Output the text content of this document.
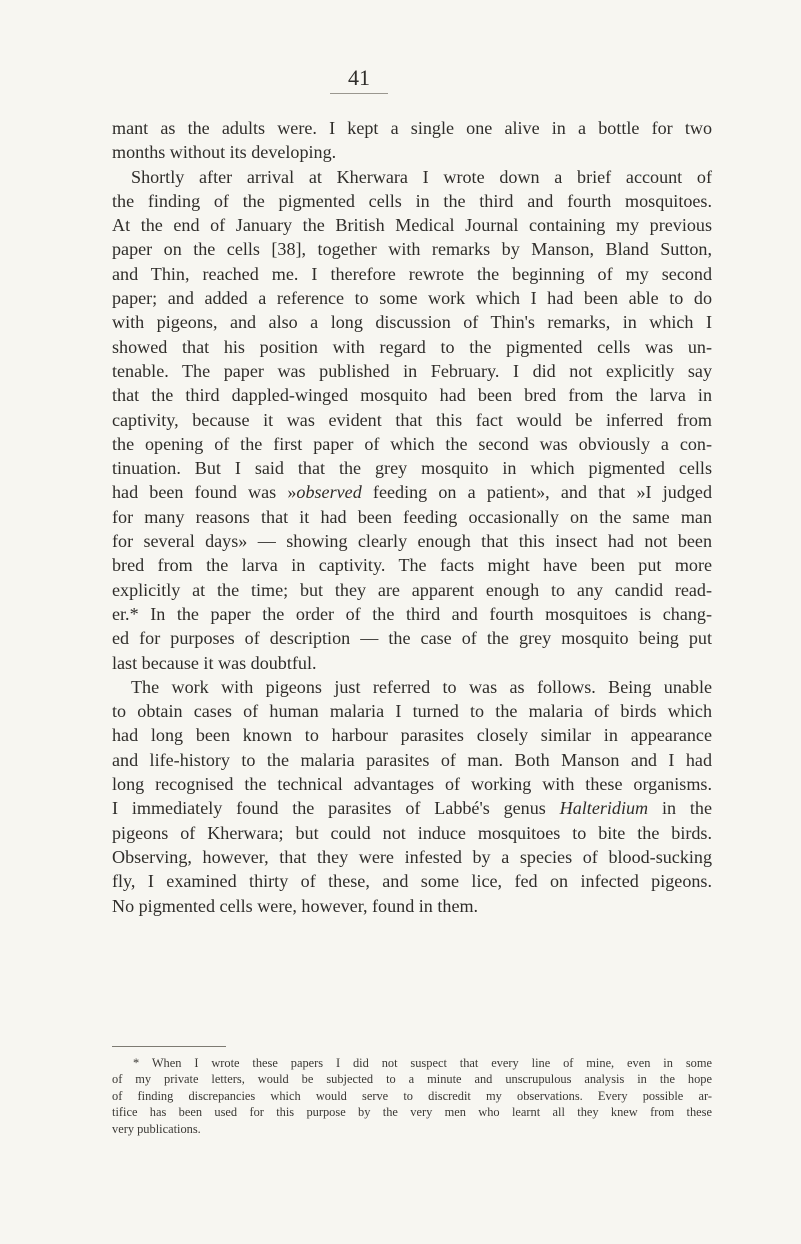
41
mant as the adults were. I kept a single one alive in a bottle for two
months without its developing.
Shortly after arrival at Kherwara I wrote down a brief account of
the finding of the pigmented cells in the third and fourth mosquitoes.
At the end of January the British Medical Journal containing my previous
paper on the cells [38], together with remarks by Manson, Bland Sutton,
and Thin, reached me. I therefore rewrote the beginning of my second
paper; and added a reference to some work which I had been able to do
with pigeons, and also a long discussion of Thin's remarks, in which I
showed that his position with regard to the pigmented cells was un-
tenable. The paper was published in February. I did not explicitly say
that the third dappled-winged mosquito had been bred from the larva in
captivity, because it was evident that this fact would be inferred from
the opening of the first paper of which the second was obviously a con-
tinuation. But I said that the grey mosquito in which pigmented cells
had been found was »observed feeding on a patient», and that »I judged
for many reasons that it had been feeding occasionally on the same man
for several days» — showing clearly enough that this insect had not been
bred from the larva in captivity. The facts might have been put more
explicitly at the time; but they are apparent enough to any candid read-
er.* In the paper the order of the third and fourth mosquitoes is chang-
ed for purposes of description — the case of the grey mosquito being put
last because it was doubtful.
The work with pigeons just referred to was as follows. Being unable
to obtain cases of human malaria I turned to the malaria of birds which
had long been known to harbour parasites closely similar in appearance
and life-history to the malaria parasites of man. Both Manson and I had
long recognised the technical advantages of working with these organisms.
I immediately found the parasites of Labbé's genus Halteridium in the
pigeons of Kherwara; but could not induce mosquitoes to bite the birds.
Observing, however, that they were infested by a species of blood-sucking
fly, I examined thirty of these, and some lice, fed on infected pigeons.
No pigmented cells were, however, found in them.
* When I wrote these papers I did not suspect that every line of mine, even in some
of my private letters, would be subjected to a minute and unscrupulous analysis in the hope
of finding discrepancies which would serve to discredit my observations. Every possible ar-
tifice has been used for this purpose by the very men who learnt all they knew from these
very publications.
